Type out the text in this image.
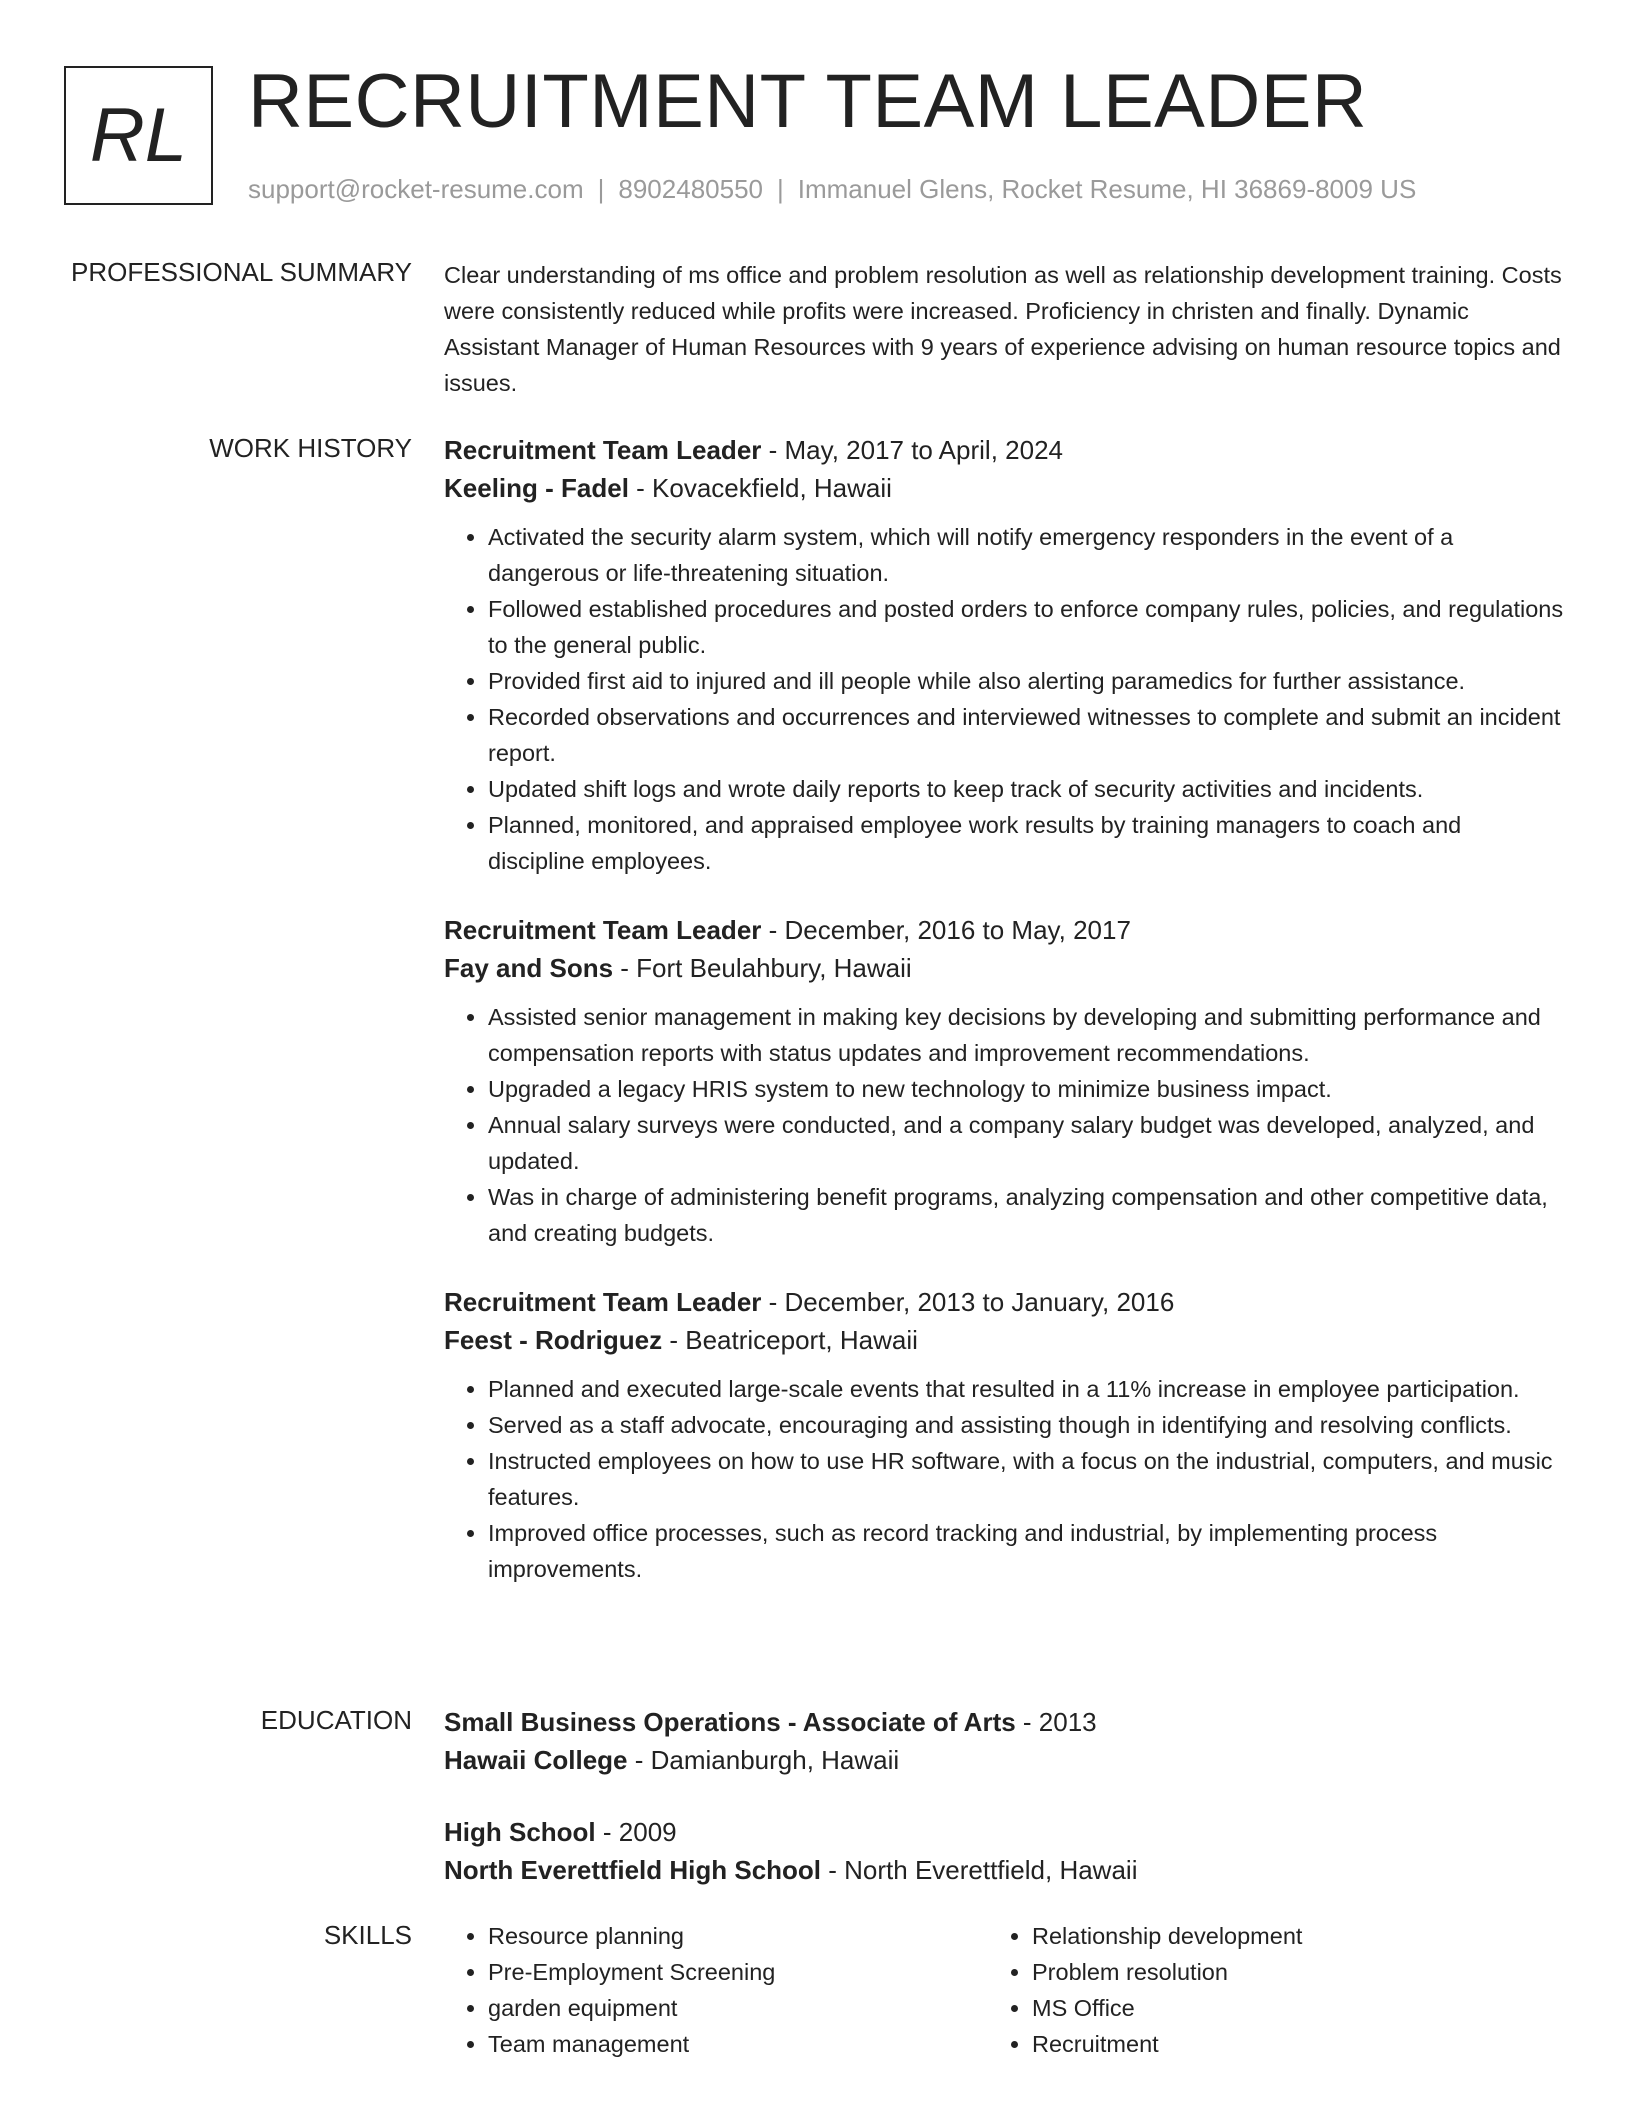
RL RECRUITMENT TEAM LEADER
support@rocket-resume.com | 8902480550 | Immanuel Glens, Rocket Resume, HI 36869-8009 US
PROFESSIONAL SUMMARY Clear understanding of ms office and problem resolution as well as relationship development training. Costs were consistently reduced while profits were increased. Proficiency in christen and finally. Dynamic Assistant Manager of Human Resources with 9 years of experience advising on human resource topics and issues.

WORK HISTORY Recruitment Team Leader - May, 2017 to April, 2024
Keeling - Fadel - Kovacekfield, Hawaii
• Activated the security alarm system, which will notify emergency responders in the event of a dangerous or life-threatening situation.
• Followed established procedures and posted orders to enforce company rules, policies, and regulations to the general public.
• Provided first aid to injured and ill people while also alerting paramedics for further assistance.
• Recorded observations and occurrences and interviewed witnesses to complete and submit an incident report.
• Updated shift logs and wrote daily reports to keep track of security activities and incidents.
• Planned, monitored, and appraised employee work results by training managers to coach and discipline employees.
Recruitment Team Leader - December, 2016 to May, 2017
Fay and Sons - Fort Beulahbury, Hawaii
• Assisted senior management in making key decisions by developing and submitting performance and compensation reports with status updates and improvement recommendations.
• Upgraded a legacy HRIS system to new technology to minimize business impact.
• Annual salary surveys were conducted, and a company salary budget was developed, analyzed, and updated.
• Was in charge of administering benefit programs, analyzing compensation and other competitive data, and creating budgets.
Recruitment Team Leader - December, 2013 to January, 2016
Feest - Rodriguez - Beatriceport, Hawaii
• Planned and executed large-scale events that resulted in a 11% increase in employee participation.
• Served as a staff advocate, encouraging and assisting though in identifying and resolving conflicts.
• Instructed employees on how to use HR software, with a focus on the industrial, computers, and music features.
• Improved office processes, such as record tracking and industrial, by implementing process improvements.
EDUCATION Small Business Operations - Associate of Arts - 2013
Hawaii College - Damianburgh, Hawaii
High School - 2009
North Everettfield High School - North Everettfield, Hawaii
SKILLS
•	Resource planning
• Pre-Employment Screening
• garden equipment
• Team management
• Relationship development
• Problem resolution
• MS Office
• Recruitment
